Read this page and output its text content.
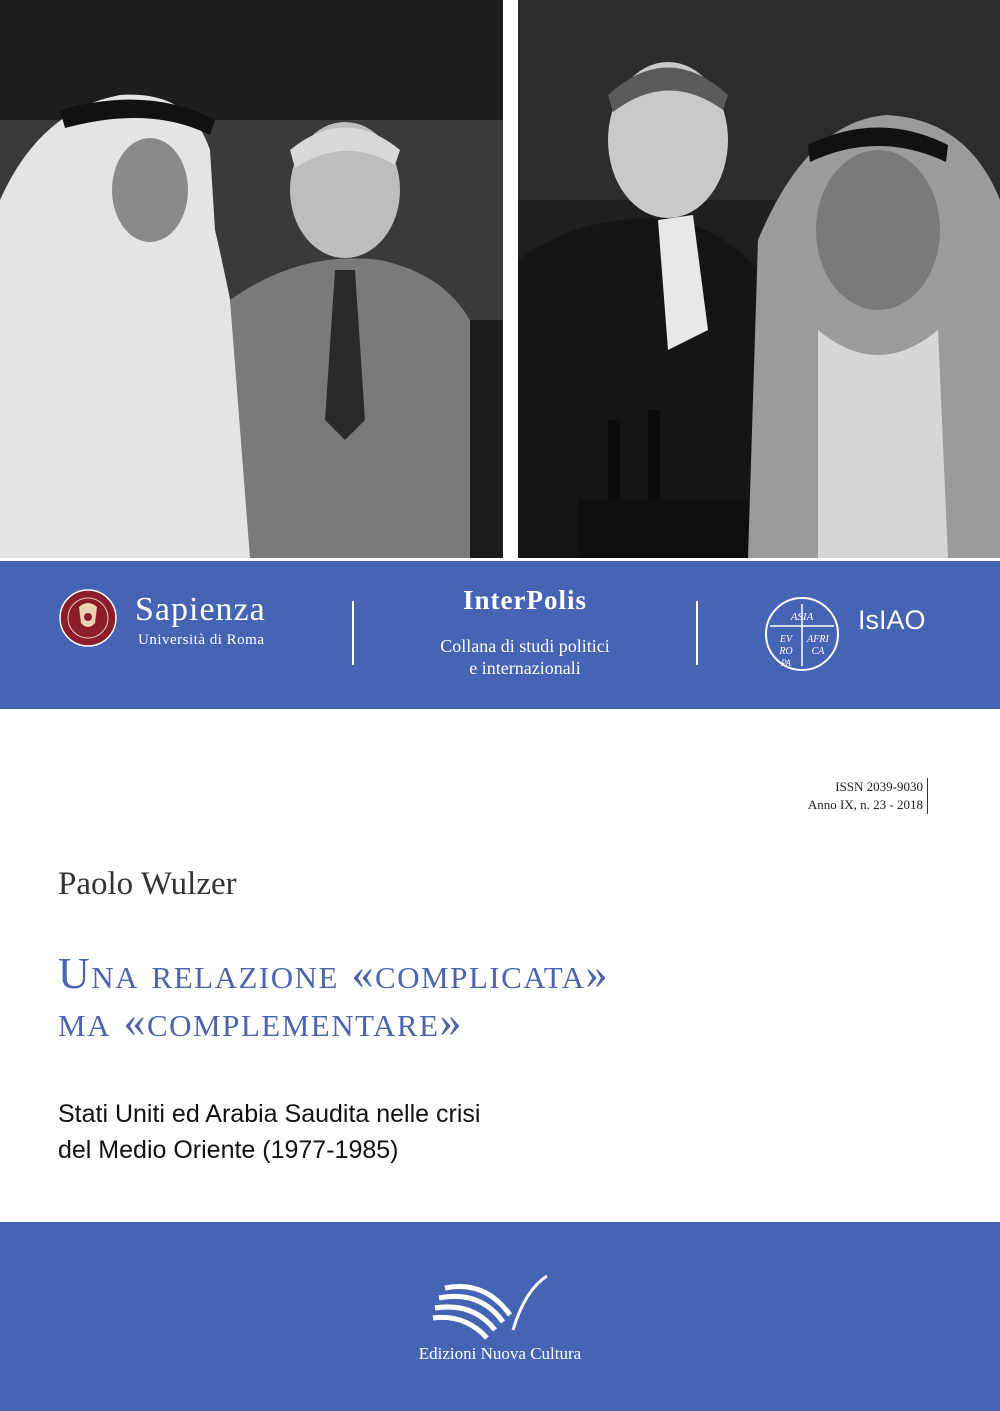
Sapienza
Università di Roma
InterPolis
Collana di studi politici
e internazionali
ASIA
EV
RO
PA
AFRI
CA
IsIAO
ISSN 2039-9030
Anno IX, n. 23 - 2018
Paolo Wulzer
Una relazione «complicata»
ma «complementare»
Stati Uniti ed Arabia Saudita nelle crisi
del Medio Oriente (1977-1985)
Edizioni Nuova Cultura
